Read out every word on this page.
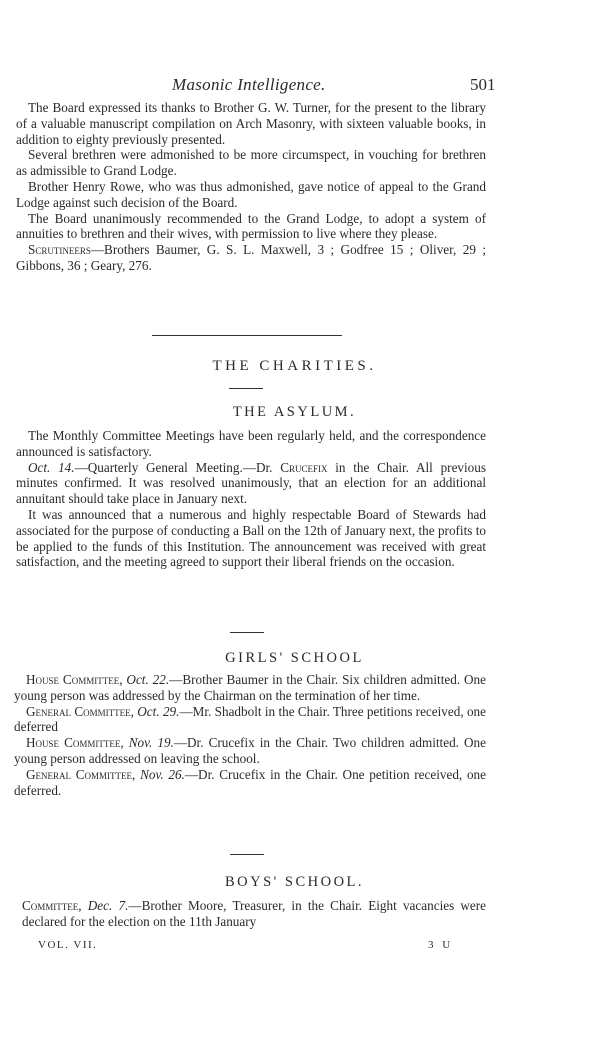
Masonic Intelligence.	501

The Board expressed its thanks to Brother G. W. Turner, for the present to the library of a valuable manuscript compilation on Arch Masonry, with sixteen valuable books, in addition to eighty previously presented.

Several brethren were admonished to be more circumspect, in vouching for brethren as admissible to Grand Lodge.

Brother Henry Rowe, who was thus admonished, gave notice of appeal to the Grand Lodge against such decision of the Board.

The Board unanimously recommended to the Grand Lodge, to adopt a system of annuities to brethren and their wives, with permission to live where they please.

Scrutineers—Brothers Baumer, G. S. L. Maxwell, 3 ; Godfree 15 ; Oliver, 29 ; Gibbons, 36 ; Geary, 276.

THE CHARITIES.
THE ASYLUM.

The Monthly Committee Meetings have been regularly held, and the correspondence announced is satisfactory.

Oct. 14.—Quarterly General Meeting.—Dr. Crucefix in the Chair. All previous minutes confirmed. It was resolved unanimously, that an election for an additional annuitant should take place in January next.

It was announced that a numerous and highly respectable Board of Stewards had associated for the purpose of conducting a Ball on the 12th of January next, the profits to be applied to the funds of this Institution. The announcement was received with great satisfaction, and the meeting agreed to support their liberal friends on the occasion.

GIRLS' SCHOOL

House Committee, Oct. 22.—Brother Baumer in the Chair. Six children admitted. One young person was addressed by the Chairman on the termination of her time.

General Committee, Oct. 29.—Mr. Shadbolt in the Chair. Three petitions received, one deferred

House Committee, Nov. 19.—Dr. Crucefix in the Chair. Two children admitted. One young person addressed on leaving the school.

General Committee, Nov. 26.—Dr. Crucefix in the Chair. One petition received, one deferred.

BOYS' SCHOOL.

Committee, Dec. 7.—Brother Moore, Treasurer, in the Chair. Eight vacancies were declared for the election on the 11th January

VOL. VII.	3 U
